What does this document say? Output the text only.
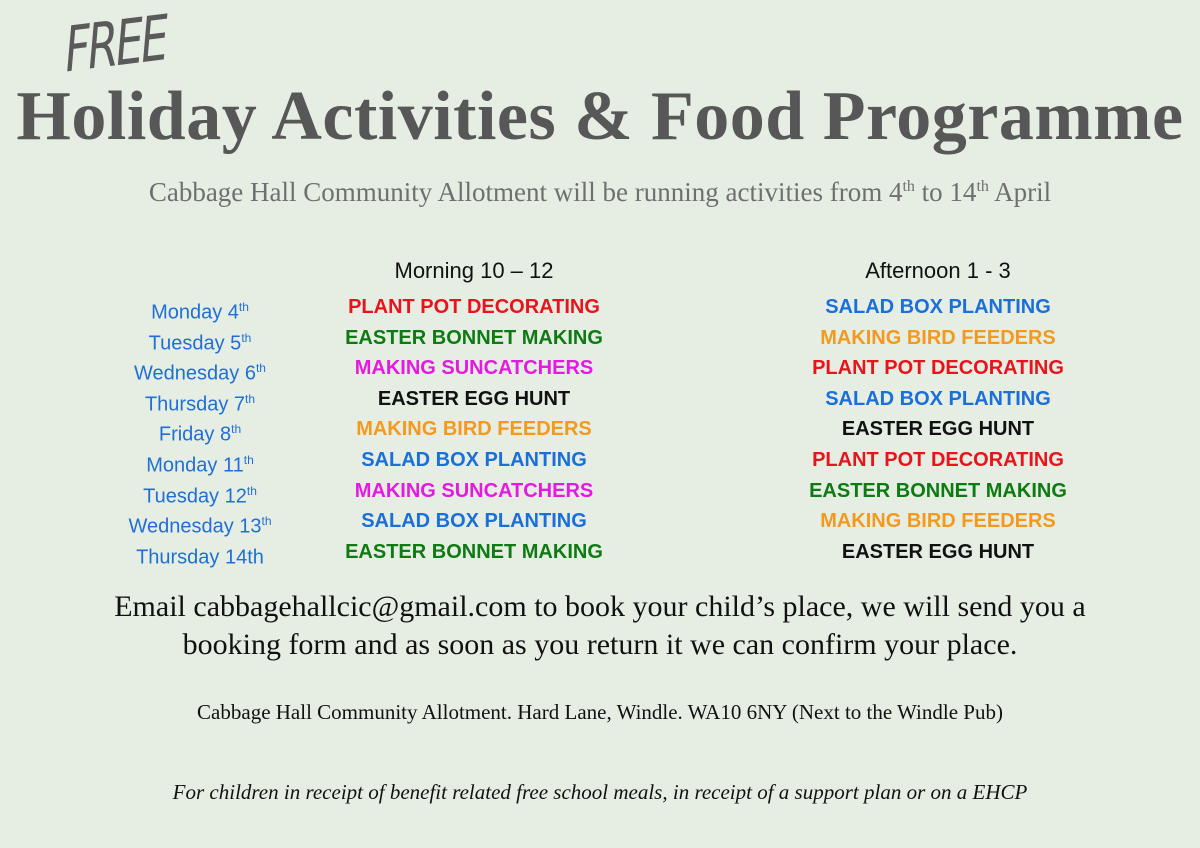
FREE
Holiday Activities & Food Programme
Cabbage Hall Community Allotment will be running activities from 4th to 14th April
Morning 10 – 12	Afternoon 1 - 3
Monday 4th	PLANT POT DECORATING	SALAD BOX PLANTING
Tuesday 5th	EASTER BONNET MAKING	MAKING BIRD FEEDERS
Wednesday 6th	MAKING SUNCATCHERS	PLANT POT DECORATING
Thursday 7th	EASTER EGG HUNT	SALAD BOX PLANTING
Friday 8th	MAKING BIRD FEEDERS	EASTER EGG HUNT
Monday 11th	SALAD BOX PLANTING	PLANT POT DECORATING
Tuesday 12th	MAKING SUNCATCHERS	EASTER BONNET MAKING
Wednesday 13th	SALAD BOX PLANTING	MAKING BIRD FEEDERS
Thursday 14th	EASTER BONNET MAKING	EASTER EGG HUNT
Email cabbagehallcic@gmail.com to book your child’s place, we will send you a
booking form and as soon as you return it we can confirm your place.
Cabbage Hall Community Allotment. Hard Lane, Windle. WA10 6NY (Next to the Windle Pub)
For children in receipt of benefit related free school meals, in receipt of a support plan or on a EHCP
